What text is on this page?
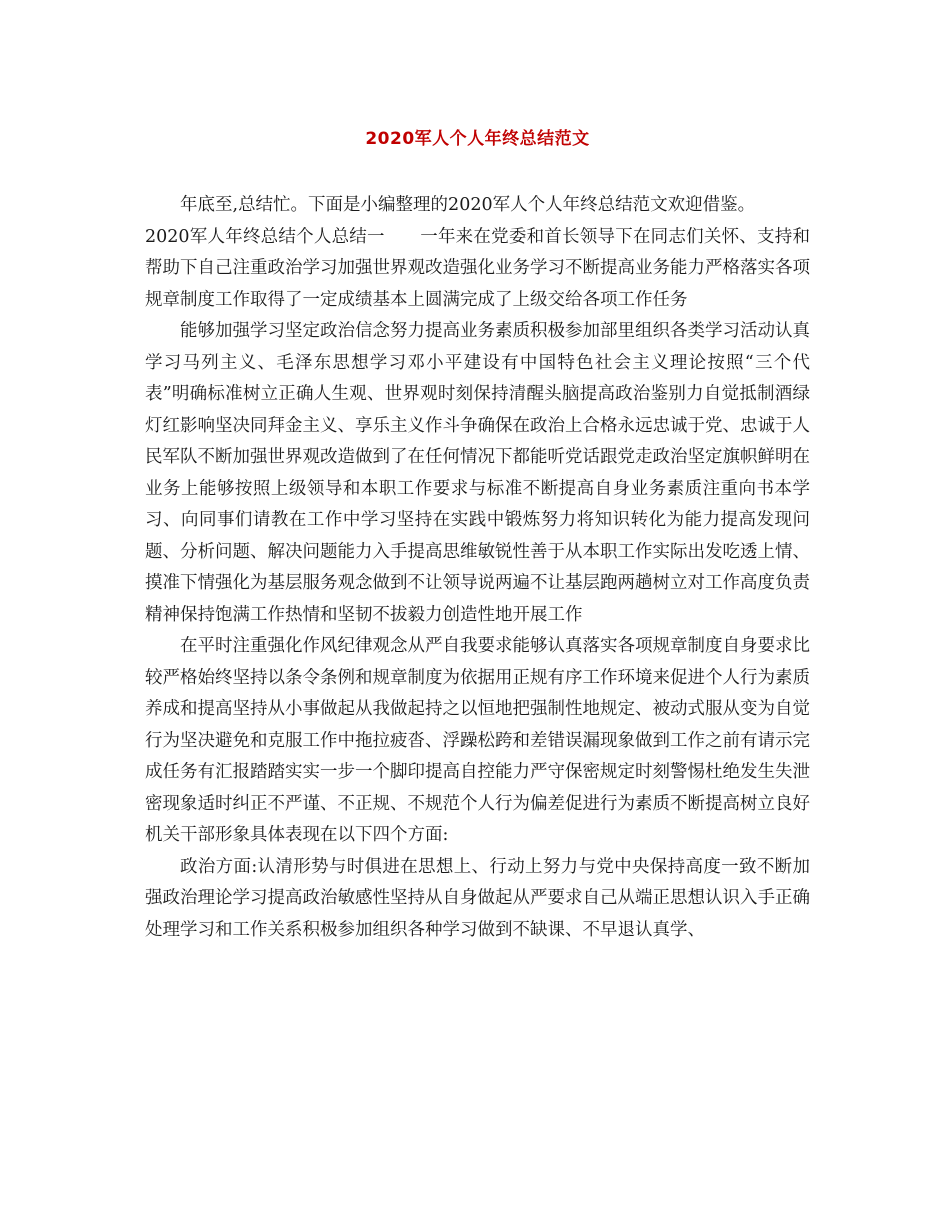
2020军人个人年终总结范文

年底至,总结忙。下面是小编整理的2020军人个人年终总结范文欢迎借鉴。

2020军人年终总结个人总结一　　一年来在党委和首长领导下在同志们关怀、支持和帮助下自己注重政治学习加强世界观改造强化业务学习不断提高业务能力严格落实各项规章制度工作取得了一定成绩基本上圆满完成了上级交给各项工作任务

能够加强学习坚定政治信念努力提高业务素质积极参加部里组织各类学习活动认真学习马列主义、毛泽东思想学习邓小平建设有中国特色社会主义理论按照“三个代表”明确标准树立正确人生观、世界观时刻保持清醒头脑提高政治鉴别力自觉抵制酒绿灯红影响坚决同拜金主义、享乐主义作斗争确保在政治上合格永远忠诚于党、忠诚于人民军队不断加强世界观改造做到了在任何情况下都能听党话跟党走政治坚定旗帜鲜明在业务上能够按照上级领导和本职工作要求与标准不断提高自身业务素质注重向书本学习、向同事们请教在工作中学习坚持在实践中锻炼努力将知识转化为能力提高发现问题、分析问题、解决问题能力入手提高思维敏锐性善于从本职工作实际出发吃透上情、摸准下情强化为基层服务观念做到不让领导说两遍不让基层跑两趟树立对工作高度负责精神保持饱满工作热情和坚韧不拔毅力创造性地开展工作

在平时注重强化作风纪律观念从严自我要求能够认真落实各项规章制度自身要求比较严格始终坚持以条令条例和规章制度为依据用正规有序工作环境来促进个人行为素质养成和提高坚持从小事做起从我做起持之以恒地把强制性地规定、被动式服从变为自觉行为坚决避免和克服工作中拖拉疲沓、浮躁松跨和差错误漏现象做到工作之前有请示完成任务有汇报踏踏实实一步一个脚印提高自控能力严守保密规定时刻警惕杜绝发生失泄密现象适时纠正不严谨、不正规、不规范个人行为偏差促进行为素质不断提高树立良好机关干部形象具体表现在以下四个方面:

政治方面:认清形势与时俱进在思想上、行动上努力与党中央保持高度一致不断加强政治理论学习提高政治敏感性坚持从自身做起从严要求自己从端正思想认识入手正确处理学习和工作关系积极参加组织各种学习做到不缺课、不早退认真学、
